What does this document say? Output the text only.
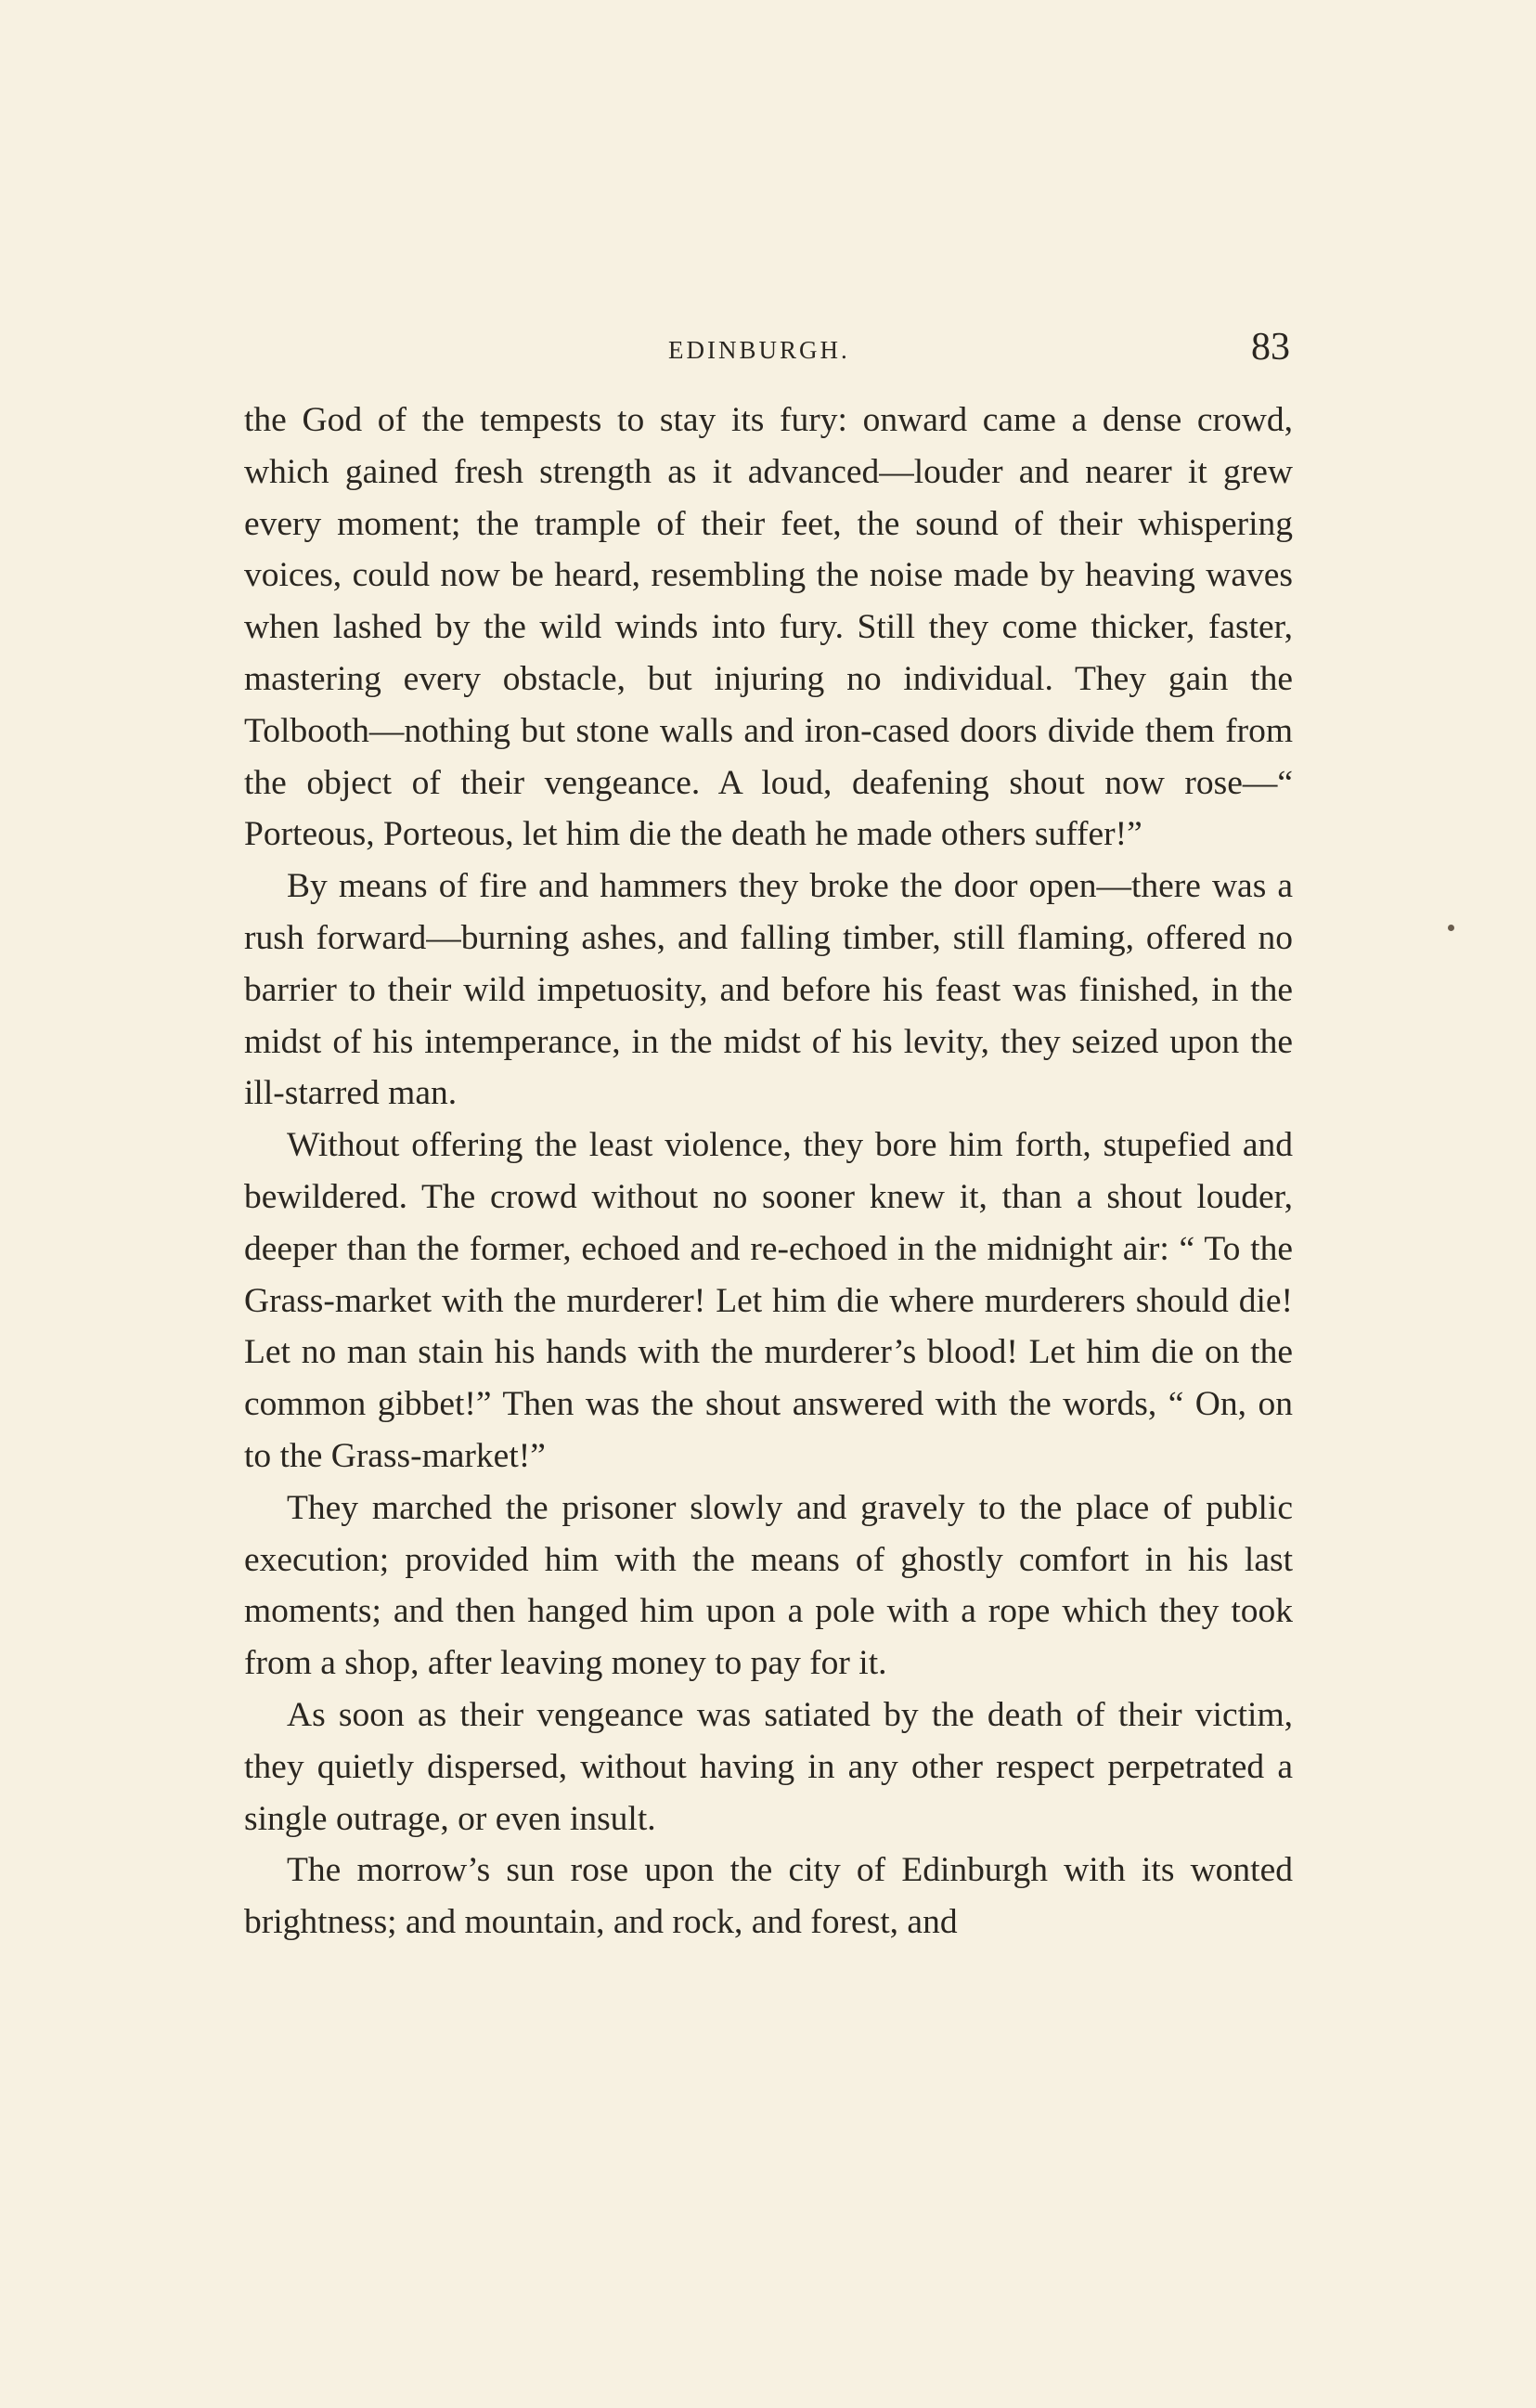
EDINBURGH.	83

the God of the tempests to stay its fury: onward came a dense crowd, which gained fresh strength as it advanced—louder and nearer it grew every moment; the trample of their feet, the sound of their whispering voices, could now be heard, resembling the noise made by heaving waves when lashed by the wild winds into fury. Still they come thicker, faster, mastering every obstacle, but injuring no individual. They gain the Tolbooth—nothing but stone walls and iron-cased doors divide them from the object of their vengeance. A loud, deafening shout now rose—“ Porteous, Porteous, let him die the death he made others suffer!”

By means of fire and hammers they broke the door open—there was a rush forward—burning ashes, and falling timber, still flaming, offered no barrier to their wild impetuosity, and before his feast was finished, in the midst of his intemperance, in the midst of his levity, they seized upon the ill-starred man.

Without offering the least violence, they bore him forth, stupefied and bewildered. The crowd without no sooner knew it, than a shout louder, deeper than the former, echoed and re-echoed in the midnight air: “ To the Grass-market with the murderer! Let him die where murderers should die! Let no man stain his hands with the murderer’s blood! Let him die on the common gibbet!” Then was the shout answered with the words, “ On, on to the Grass-market!”

They marched the prisoner slowly and gravely to the place of public execution; provided him with the means of ghostly comfort in his last moments; and then hanged him upon a pole with a rope which they took from a shop, after leaving money to pay for it.

As soon as their vengeance was satiated by the death of their victim, they quietly dispersed, without having in any other respect perpetrated a single outrage, or even insult.

The morrow’s sun rose upon the city of Edinburgh with its wonted brightness; and mountain, and rock, and forest, and
